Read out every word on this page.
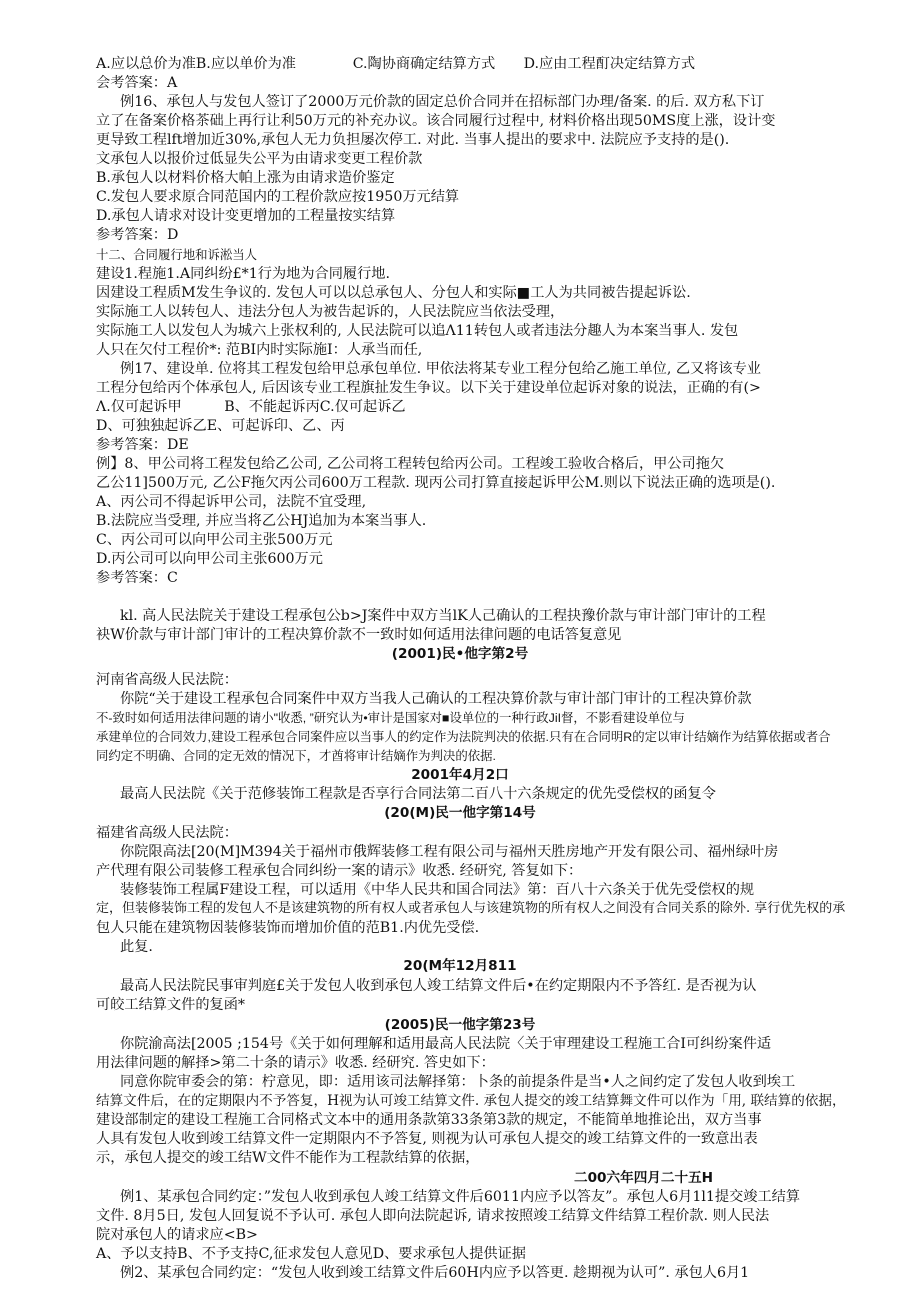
A.应以总价为准B.应以单价为准　　　　C.陶协商确定结算方式　　D.应由工程酊决定结算方式
会考答案：A
例16、承包人与发包人签订了2000万元价款的固定总价合同并在招标部门办理/备案. 的后. 双方私下订
立了在备案价格茶础上再行让利50万元的补充办议。该合同履行过程中, 材料价格出现50MS度上涨，设计变
更导致工程lft增加近30%,承包人无力负担屡次停工. 对此. 当事人提出的要求中. 法院应予支持的是().
文承包人以报价过低显失公平为由请求变更工程价款
B.承包人以材料价格大帕上涨为由请求造价鉴定
C.发包人要求原合同范国内的工程价款应按1950万元结算
D.承包人请求对设计变更增加的工程量按实结算
参考答案：D
十二、合同履行地和诉淞当人
建设1.程施1.A同纠纷£*1行为地为合同履行地.
因建设工程质M发生争议的. 发包人可以以总承包人、分包人和实际■工人为共同被告提起诉讼.
实际施工人以转包人、违法分包人为被告起诉的，人民法院应当依法受理，
实际施工人以发包人为城六上张权利的, 人民法院可以追Λ11转包人或者违法分趣人为本案当事人. 发包
人只在欠付工程价*: 范BI内时实际施I：人承当而任,
例17、建设单. 位将其工程发包给甲总承包单位. 甲依法将某专业工程分包给乙施工单位, 乙又将该专业
工程分包给丙个体承包人, 后因该专业工程旗扯发生争议。以下关于建设单位起诉对象的说法，正确的有(>
Λ.仅可起诉甲　　　B、不能起诉丙C.仅可起诉乙
D、可独独起诉乙E、可起诉印、乙、丙
参考答案：DE
例】8、甲公司将工程发包给乙公司, 乙公司将工程转包给丙公司。工程竣工验收合格后，甲公司拖欠
乙公11]500万元, 乙公F拖欠丙公司600万工程款. 现丙公司打算直接起诉甲公M.则以下说法正确的选项是().
A、丙公司不得起诉甲公司，法院不宜受理,
B.法院应当受理, 并应当将乙公HJ追加为本案当事人.
C、丙公司可以向甲公司主张500万元
D.丙公司可以向甲公司主张600万元
参考答案：C
kl. 高人民法院关于建设工程承包公b>J案件中双方当lK人己确认的工程抉豫价款与审计部门审计的工程
袂W价款与审计部门审计的工程决算价款不一致时如何适用法律问题的电话答复意见
河南省高级人民法院：
你院“关于建设工程承包合同案件中双方当我人己确认的工程决算价款与审计部门审计的工程决算价款
不-致时如何适用法律问题的请小"收悉, ”研究认为•审计是国家对■设单位的一种行政JiI督，不影看建设单位与
承建单位的合同效力,建设工程承包合同案件应以当事人的约定作为法院判决的依据.只有在合同明R的定以审计结嫡作为结算依据或者合
同约定不明确、合同的定无效的情况下，才酋将审计结嫡作为判决的依据.
最高人民法院《关于范修装饰工程款是否享行合同法第二百八十六条规定的优先受偿权的函复令
福建省高级人民法院：
你院限高法[20(M]M394关于福州市俄辉装修工程有限公司与福州天胜房地产开发有限公司、福州绿叶房
产代理有限公司装修工程承包合同纠纷一案的请示》收悉. 经研究, 答复如下：
装修装饰工程属F建设工程，可以适用《中华人民共和国合同法》第：百八十六条关于优先受偿权的规
定，但装修装饰工程的发包人不是该建筑物的所有权人或者承包人与该建筑物的所有权人之间没有合同关系的除外. 享行优先权的承
包人只能在建筑物因装修装饰而增加价值的范B1.内优先受偿.
此复.
最高人民法院民事审判庭£关于发包人收到承包人竣工结算文件后•在约定期限内不予答红. 是否视为认
可皎工结算文件的复函*
你院渝高法[2005 ;154号《关于如何理解和适用最高人民法院〈关于审理建设工程施工合I可纠纷案件适
用法律问题的解择>第二十条的请示》收悉. 经研究. 答史如下：
同意你院审委会的第：柠意见，即：适用该司法解择第：卜条的前提条件是当•人之间约定了发包人收到埃工
结算文件后，在的定期限内不予答复，H视为认可竣工结算文件. 承包人提交的竣工结算舞文件可以作为「用, 联结算的依据，
建设部制定的建设工程施工合同格式文本中的通用条款第33条第3款的规定，不能简单地推论出，双方当事
人具有发包人收到竣工结算文件一定期限内不予答复, 则视为认可承包人提交的竣工结算文件的一致意出表
示，承包人提交的竣工结W文件不能作为工程款结算的依据，
例1、某承包合同约定：”发包人收到承包人竣工结算文件后6011内应予以答友”。承包人6月1l1提交竣工结算
文件. 8月5日, 发包人回复说不予认可. 承包人即向法院起诉, 请求按照竣工结算文件结算工程价款. 则人民法
院对承包人的请求应<B>
A、予以支持B、不予支持C,征求发包人意见D、要求承包人提供证据
例2、某承包合同约定：“发包人收到竣工结算文件后60H内应予以答更. 趁期视为认可”. 承包人6月1
(2001)民•他字第2号
2001年4月2口
(20(M)民一他字第14号
20(M年12月811
(2005)民一他字第23号
二00六年四月二十五H
